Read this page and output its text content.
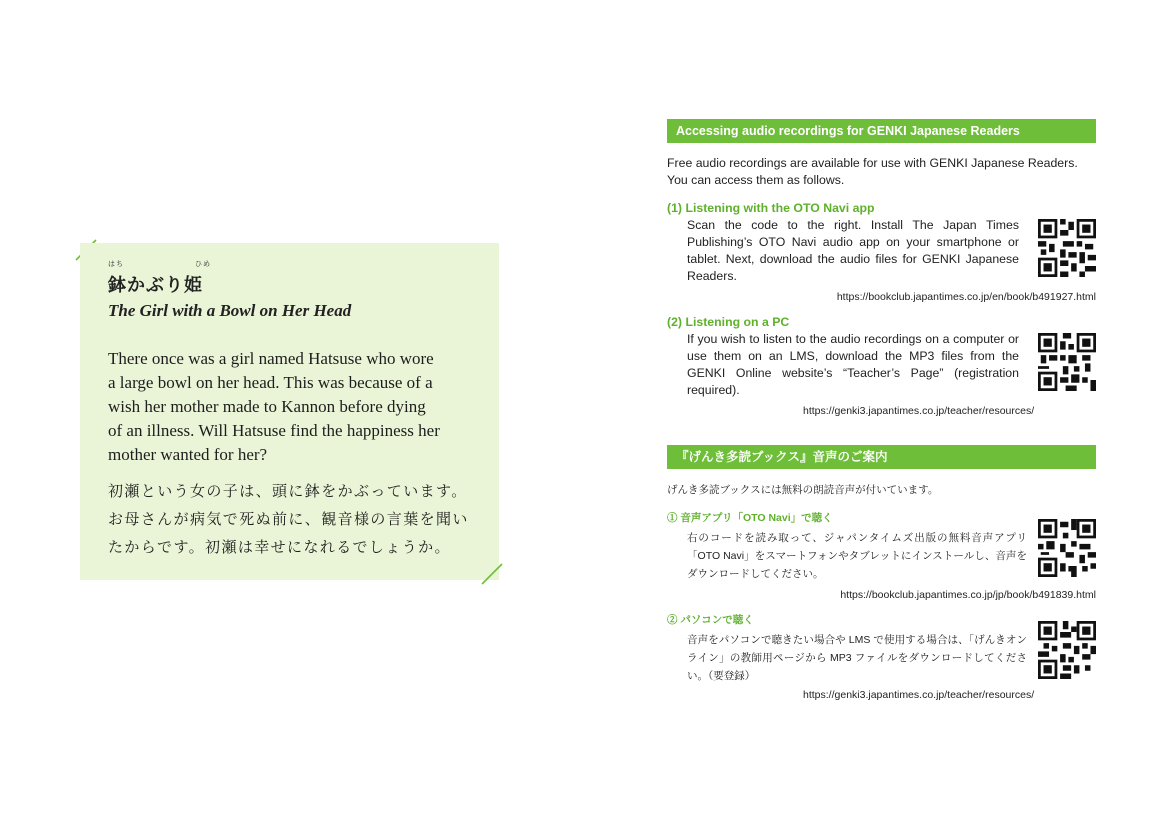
はち	ひめ
鉢かぶり姫
The Girl with a Bowl on Her Head
There once was a girl named Hatsuse who wore
a large bowl on her head. This was because of a
wish her mother made to Kannon before dying
of an illness. Will Hatsuse find the happiness her
mother wanted for her?
初瀬という女の子は、頭に鉢をかぶっています。
お母さんが病気で死ぬ前に、観音様の言葉を聞い
たからです。初瀬は幸せになれるでしょうか。
Accessing audio recordings for GENKI Japanese Readers
Free audio recordings are available for use with GENKI Japanese Readers.
You can access them as follows.
(1) Listening with the OTO Navi app
Scan the code to the right. Install The Japan Times Publishing’s OTO Navi audio app on your smartphone or tablet. Next, download the audio files for GENKI Japanese Readers.
https://bookclub.japantimes.co.jp/en/book/b491927.html
(2) Listening on a PC
If you wish to listen to the audio recordings on a computer or use them on an LMS, download the MP3 files from the GENKI Online website’s “Teacher’s Page” (registration required).
https://genki3.japantimes.co.jp/teacher/resources/
『げんき多読ブックス』音声のご案内
げんき多読ブックスには無料の朗読音声が付いています。
① 音声アプリ「OTO Navi」で聴く
右のコードを読み取って、ジャパンタイムズ出版の無料音声アプリ「OTO Navi」をスマートフォンやタブレットにインストールし、音声をダウンロードしてください。
https://bookclub.japantimes.co.jp/jp/book/b491839.html
② パソコンで聴く
音声をパソコンで聴きたい場合や LMS で使用する場合は、「げんきオンライン」の教師用ページから MP3 ファイルをダウンロードしてください。（要登録）
https://genki3.japantimes.co.jp/teacher/resources/
